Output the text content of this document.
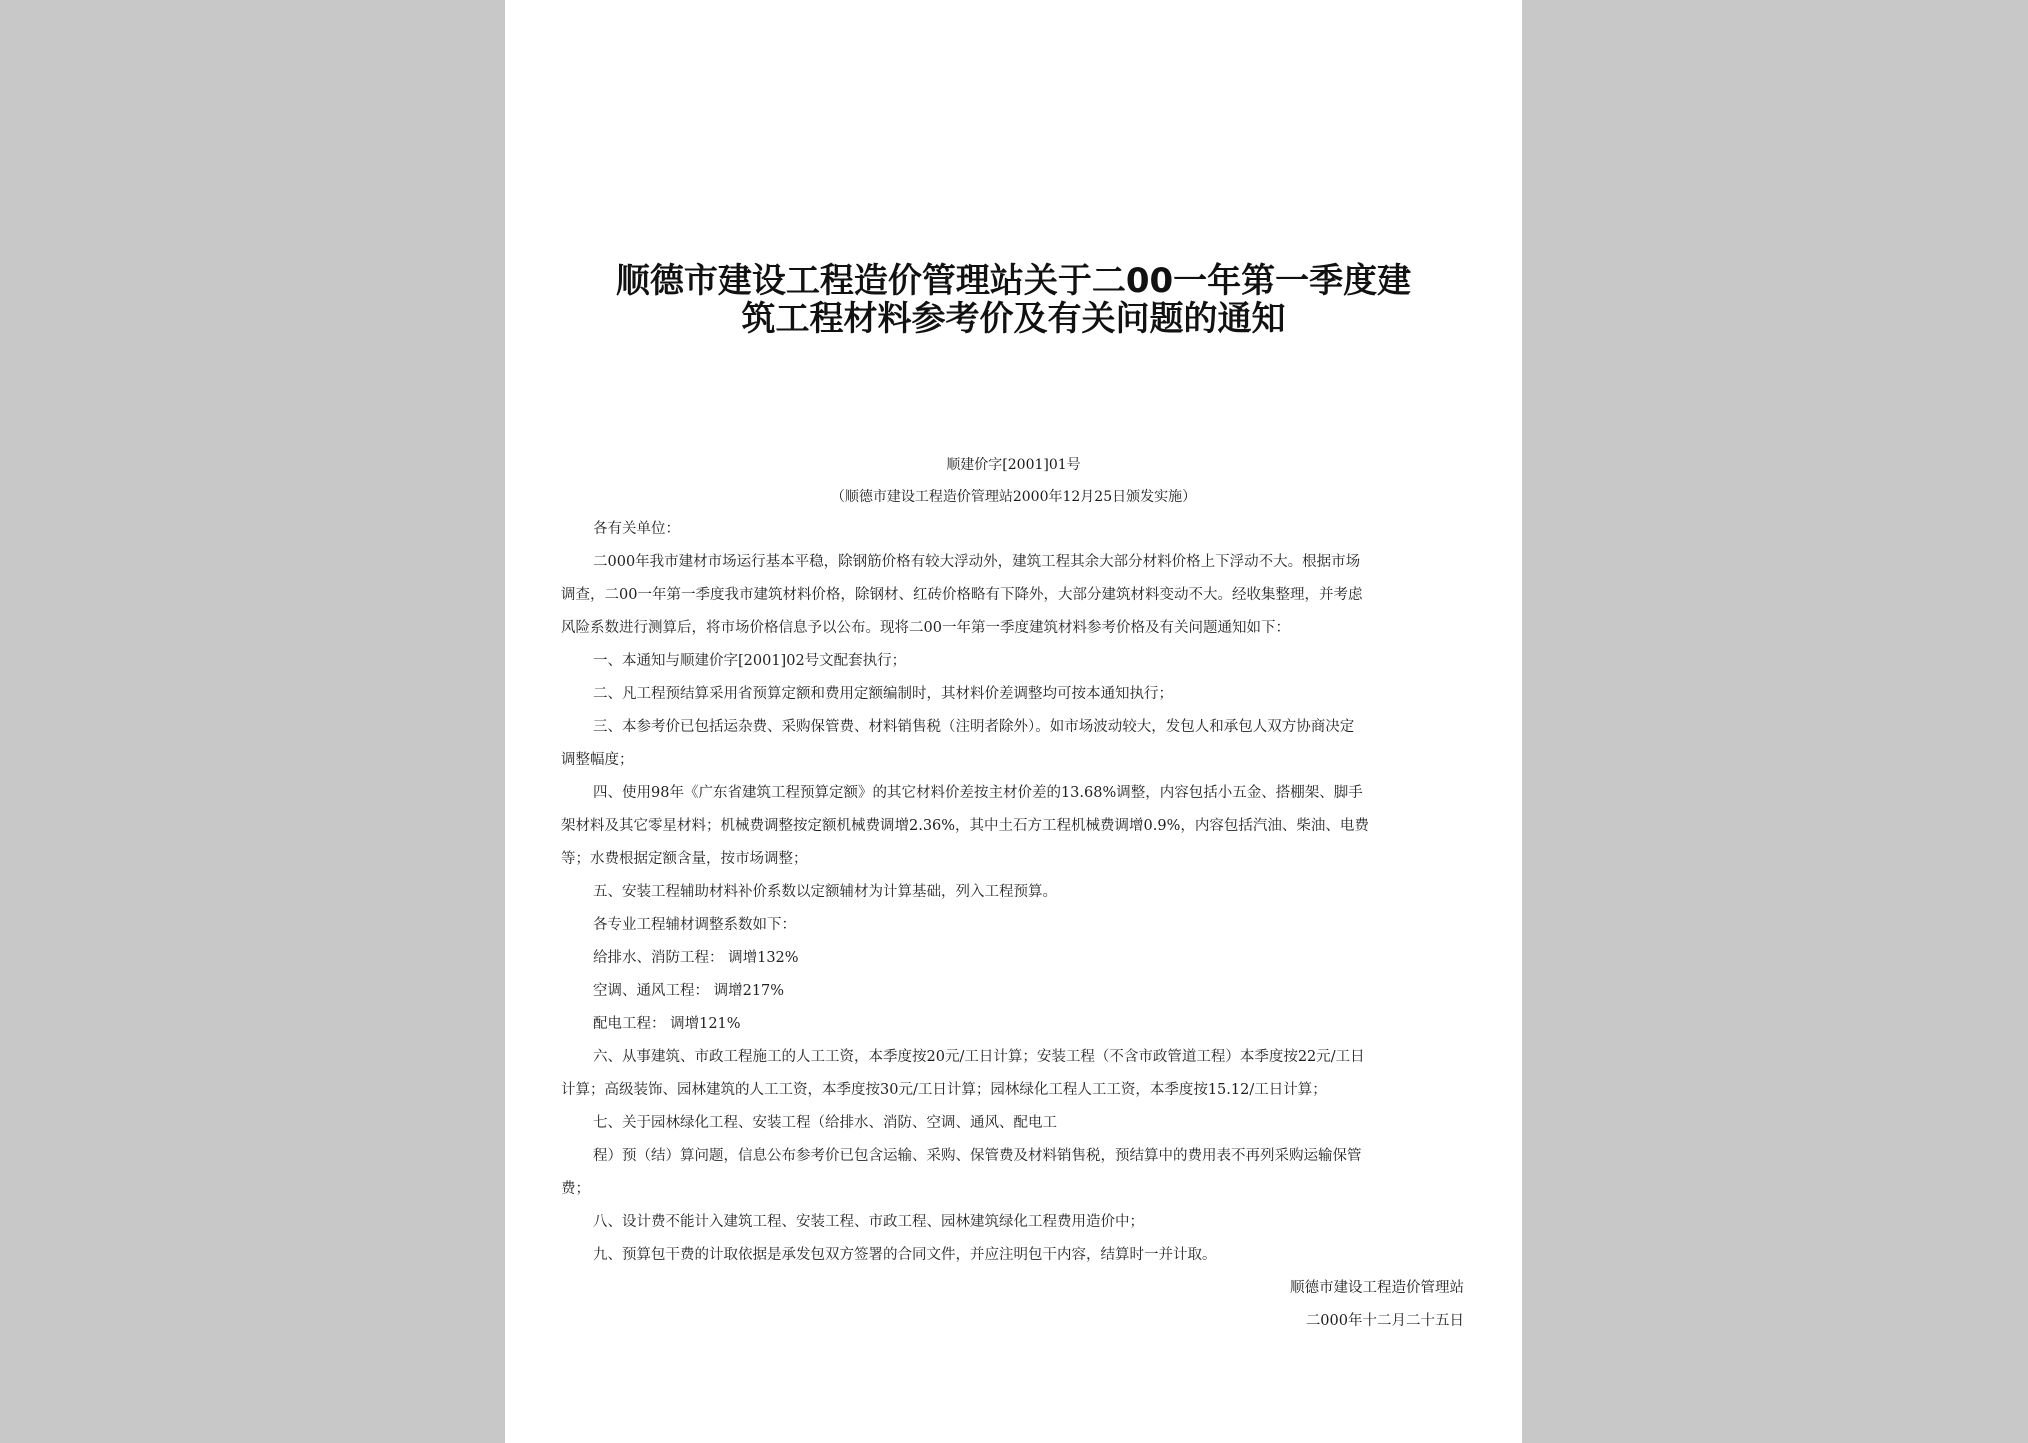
顺德市建设工程造价管理站关于二00一年第一季度建
筑工程材料参考价及有关问题的通知
顺建价字[2001]01号
（顺德市建设工程造价管理站2000年12月25日颁发实施）
各有关单位：
二000年我市建材市场运行基本平稳，除钢筋价格有较大浮动外，建筑工程其余大部分材料价格上下浮动不大。根据市场
调查，二00一年第一季度我市建筑材料价格，除钢材、红砖价格略有下降外，大部分建筑材料变动不大。经收集整理，并考虑
风险系数进行测算后，将市场价格信息予以公布。现将二00一年第一季度建筑材料参考价格及有关问题通知如下：
一、本通知与顺建价字[2001]02号文配套执行；
二、凡工程预结算采用省预算定额和费用定额编制时，其材料价差调整均可按本通知执行；
三、本参考价已包括运杂费、采购保管费、材料销售税（注明者除外）。如市场波动较大，发包人和承包人双方协商决定
调整幅度；
四、使用98年《广东省建筑工程预算定额》的其它材料价差按主材价差的13.68%调整，内容包括小五金、搭棚架、脚手
架材料及其它零星材料；机械费调整按定额机械费调增2.36%，其中土石方工程机械费调增0.9%，内容包括汽油、柴油、电费
等；水费根据定额含量，按市场调整；
五、安装工程辅助材料补价系数以定额辅材为计算基础，列入工程预算。
各专业工程辅材调整系数如下：
给排水、消防工程： 调增132%
空调、通风工程： 调增217%
配电工程： 调增121%
六、从事建筑、市政工程施工的人工工资，本季度按20元/工日计算；安装工程（不含市政管道工程）本季度按22元/工日
计算；高级装饰、园林建筑的人工工资，本季度按30元/工日计算；园林绿化工程人工工资，本季度按15.12/工日计算；
七、关于园林绿化工程、安装工程（给排水、消防、空调、通风、配电工
程）预（结）算问题，信息公布参考价已包含运输、采购、保管费及材料销售税，预结算中的费用表不再列采购运输保管
费；
八、设计费不能计入建筑工程、安装工程、市政工程、园林建筑绿化工程费用造价中；
九、预算包干费的计取依据是承发包双方签署的合同文件，并应注明包干内容，结算时一并计取。
顺德市建设工程造价管理站
二000年十二月二十五日
